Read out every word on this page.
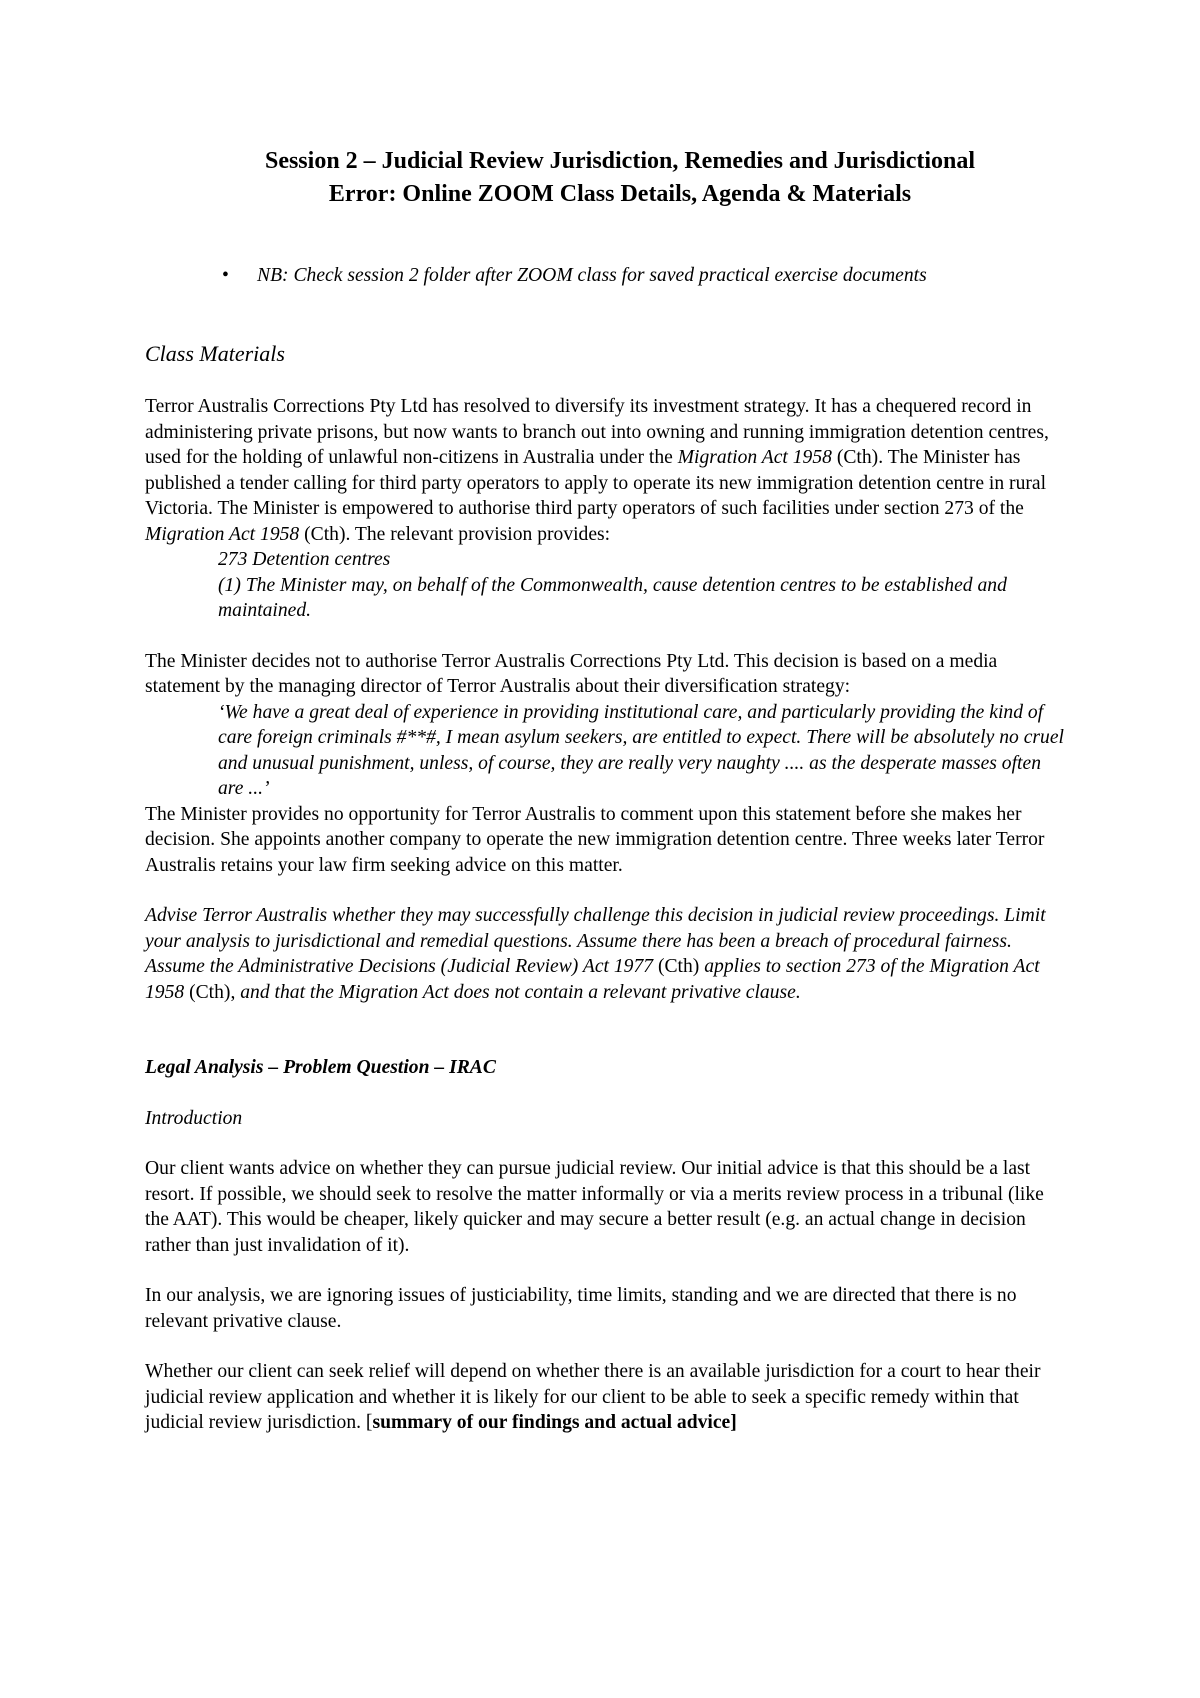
Session 2 – Judicial Review Jurisdiction, Remedies and Jurisdictional
Error: Online ZOOM Class Details, Agenda & Materials
• NB: Check session 2 folder after ZOOM class for saved practical exercise documents
Class Materials

Terror Australis Corrections Pty Ltd has resolved to diversify its investment strategy. It has a chequered record in administering private prisons, but now wants to branch out into owning and running immigration detention centres, used for the holding of unlawful non-citizens in Australia under the Migration Act 1958 (Cth). The Minister has published a tender calling for third party operators to apply to operate its new immigration detention centre in rural Victoria. The Minister is empowered to authorise third party operators of such facilities under section 273 of the Migration Act 1958 (Cth). The relevant provision provides:

273 Detention centres

(1) The Minister may, on behalf of the Commonwealth, cause detention centres to be established and maintained.

The Minister decides not to authorise Terror Australis Corrections Pty Ltd. This decision is based on a media statement by the managing director of Terror Australis about their diversification strategy:

‘We have a great deal of experience in providing institutional care, and particularly providing the kind of care foreign criminals #**#, I mean asylum seekers, are entitled to expect. There will be absolutely no cruel and unusual punishment, unless, of course, they are really very naughty .... as the desperate masses often are ...’

The Minister provides no opportunity for Terror Australis to comment upon this statement before she makes her decision. She appoints another company to operate the new immigration detention centre. Three weeks later Terror Australis retains your law firm seeking advice on this matter.

Advise Terror Australis whether they may successfully challenge this decision in judicial review proceedings. Limit your analysis to jurisdictional and remedial questions. Assume there has been a breach of procedural fairness. Assume the Administrative Decisions (Judicial Review) Act 1977 (Cth) applies to section 273 of the Migration Act 1958 (Cth), and that the Migration Act does not contain a relevant privative clause.

Legal Analysis – Problem Question – IRAC

Introduction

Our client wants advice on whether they can pursue judicial review. Our initial advice is that this should be a last resort. If possible, we should seek to resolve the matter informally or via a merits review process in a tribunal (like the AAT). This would be cheaper, likely quicker and may secure a better result (e.g. an actual change in decision rather than just invalidation of it).

In our analysis, we are ignoring issues of justiciability, time limits, standing and we are directed that there is no relevant privative clause.

Whether our client can seek relief will depend on whether there is an available jurisdiction for a court to hear their judicial review application and whether it is likely for our client to be able to seek a specific remedy within that judicial review jurisdiction. [summary of our findings and actual advice]
